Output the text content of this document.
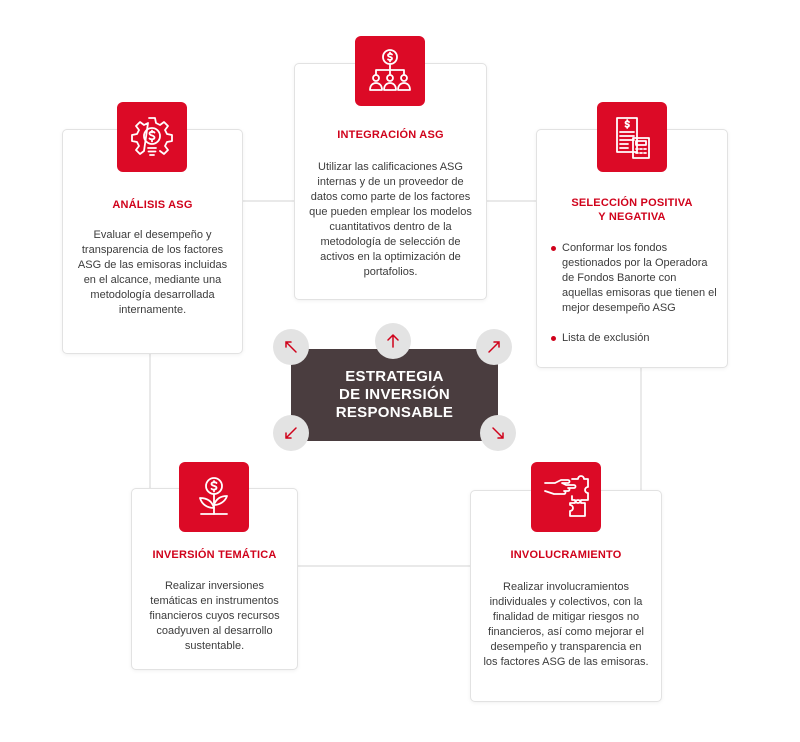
ANÁLISIS ASG
Evaluar el desempeño y transparencia de los factores ASG de las emisoras incluidas en el alcance, mediante una metodología desarrollada internamente.
INTEGRACIÓN ASG
Utilizar las calificaciones ASG internas y de un proveedor de datos como parte de los factores que pueden emplear los modelos cuantitativos dentro de la metodología de selección de activos en la optimización de portafolios.
SELECCIÓN POSITIVA
Y NEGATIVA
Conformar los fondos gestionados por la Operadora de Fondos Banorte con aquellas emisoras que tienen el mejor desempeño ASG
Lista de exclusión
INVERSIÓN TEMÁTICA
Realizar inversiones temáticas en instrumentos financieros cuyos recursos coadyuven al desarrollo sustentable.
INVOLUCRAMIENTO
Realizar involucramientos individuales y colectivos, con la finalidad de mitigar riesgos no financieros, así como mejorar el desempeño y transparencia en los factores ASG de las emisoras.
ESTRATEGIA
DE INVERSIÓN
RESPONSABLE
